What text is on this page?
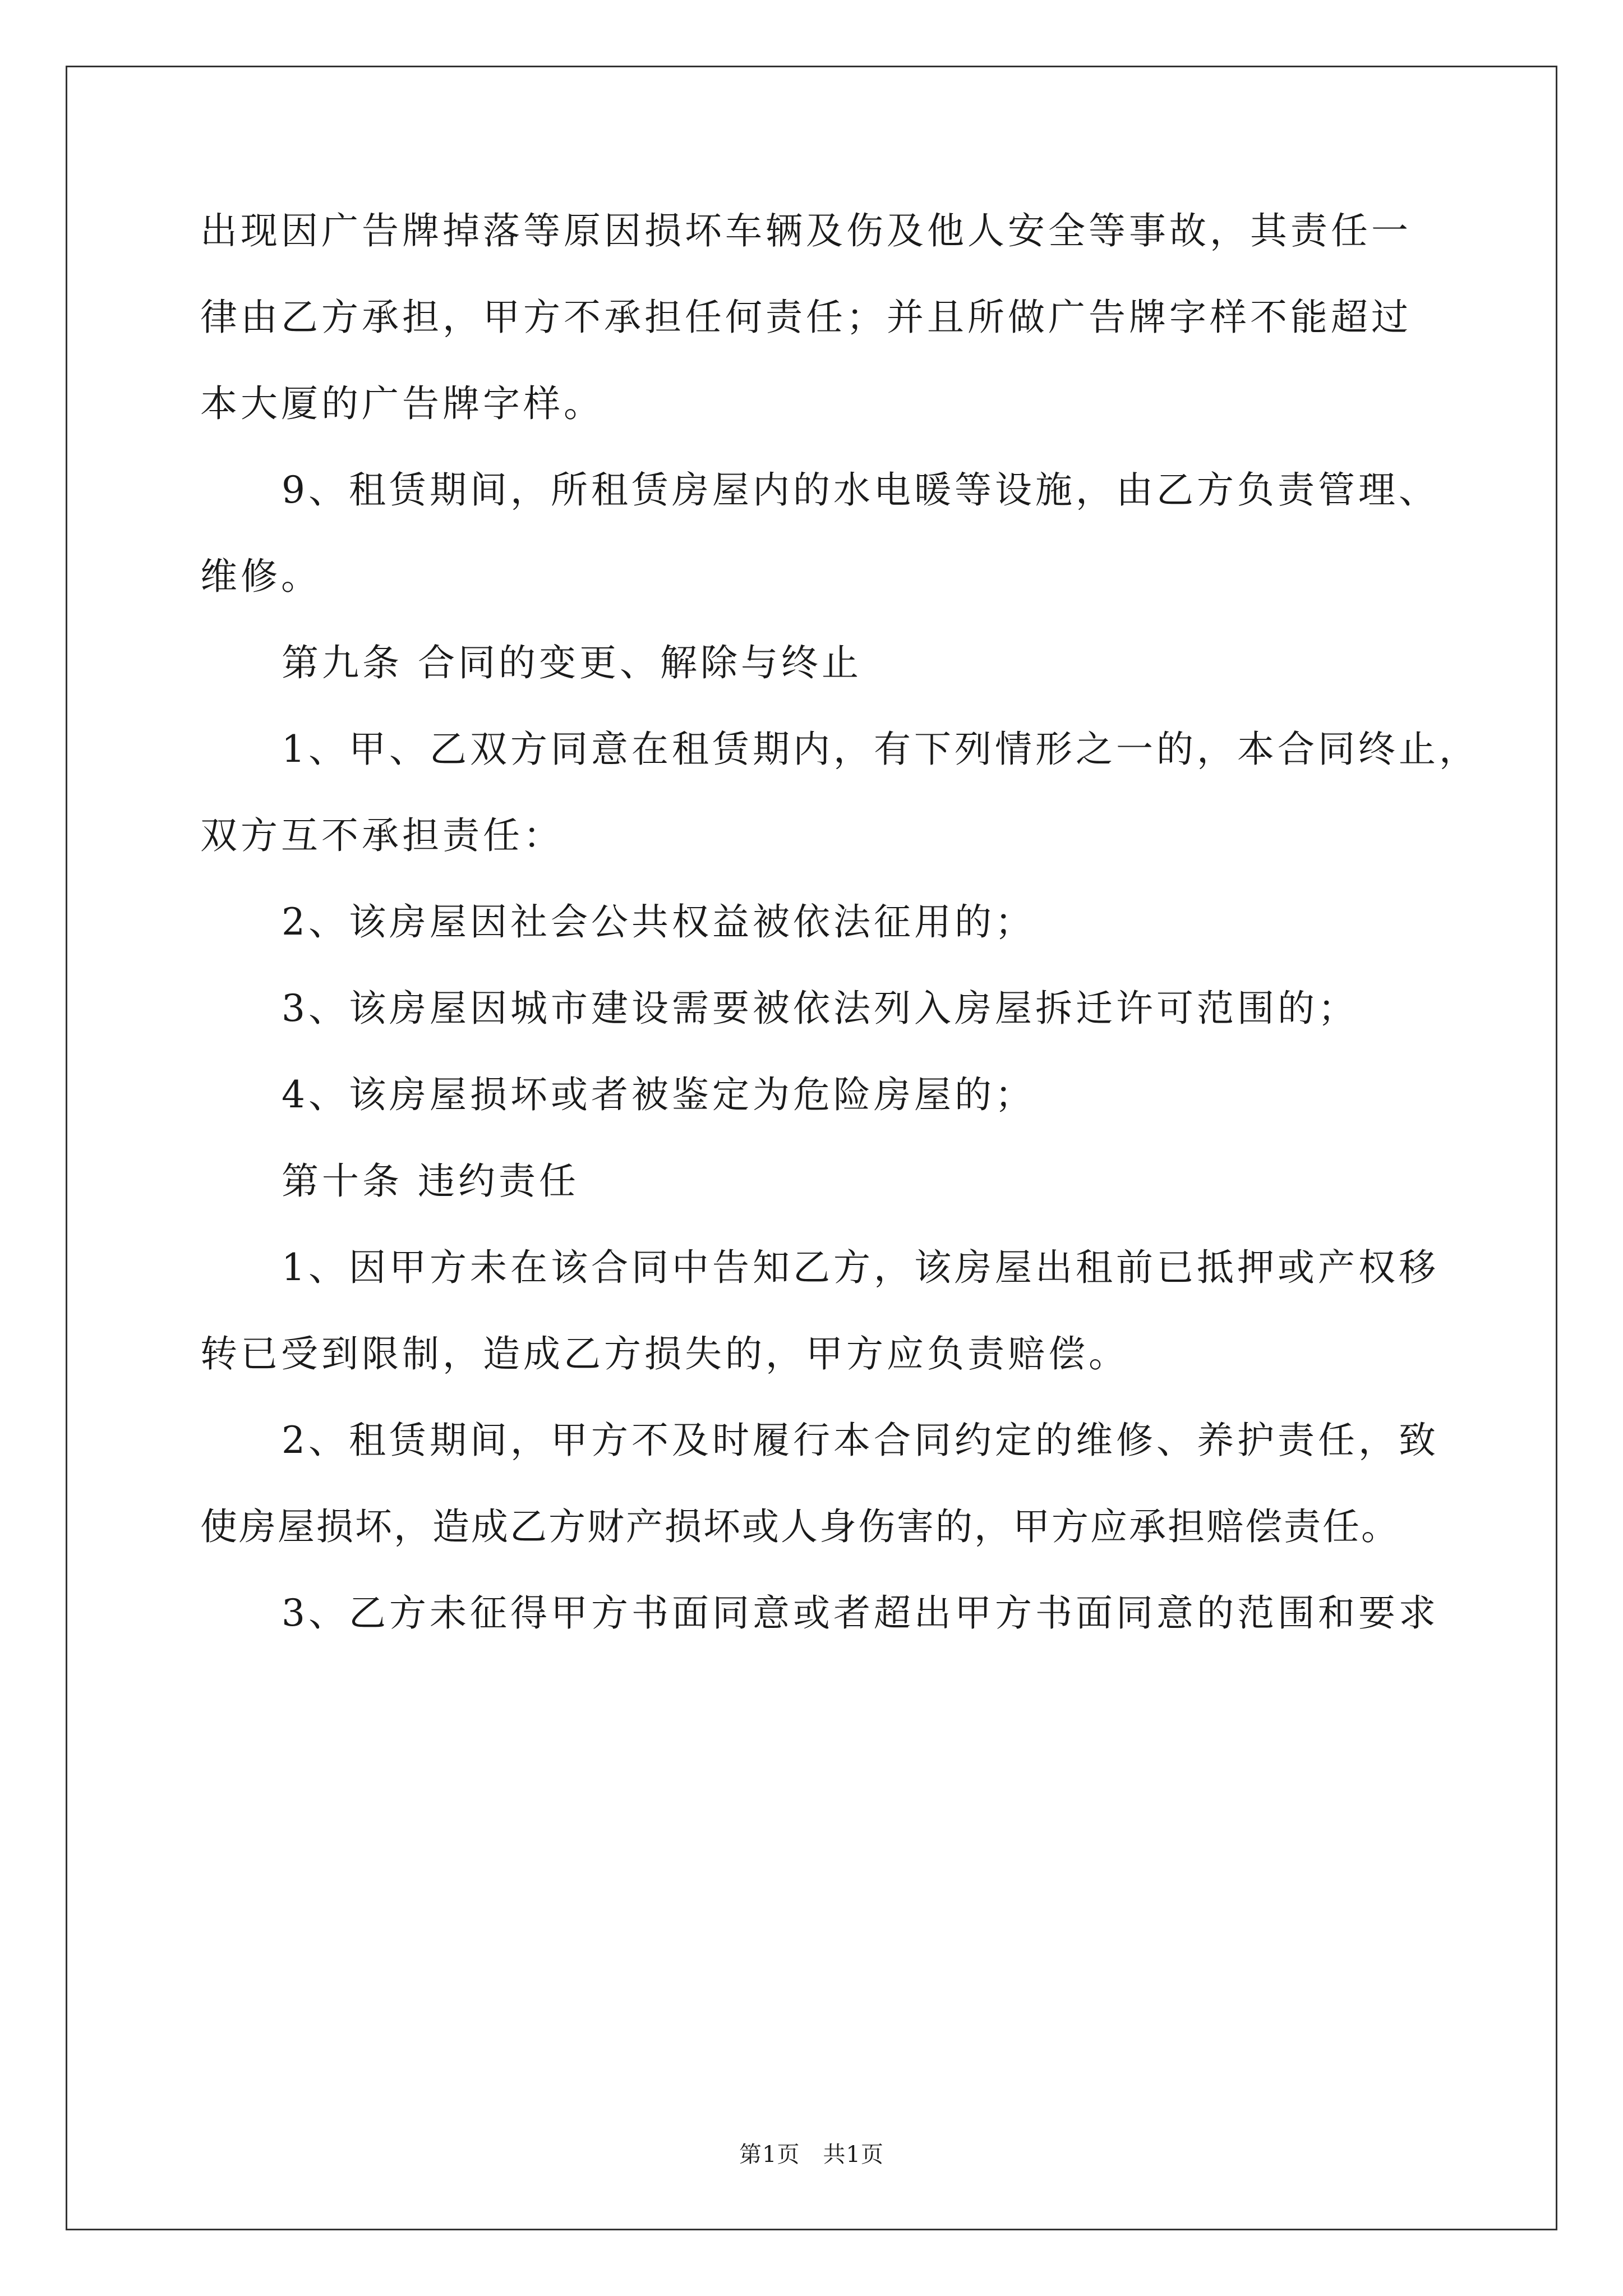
出现因广告牌掉落等原因损坏车辆及伤及他人安全等事故，其责任一
律由乙方承担，甲方不承担任何责任；并且所做广告牌字样不能超过
本大厦的广告牌字样。
9、租赁期间，所租赁房屋内的水电暖等设施，由乙方负责管理、
维修。
第九条 合同的变更、解除与终止
1、甲、乙双方同意在租赁期内，有下列情形之一的，本合同终止，
双方互不承担责任：
2、该房屋因社会公共权益被依法征用的；
3、该房屋因城市建设需要被依法列入房屋拆迁许可范围的；
4、该房屋损坏或者被鉴定为危险房屋的；
第十条 违约责任
1、因甲方未在该合同中告知乙方，该房屋出租前已抵押或产权移
转已受到限制，造成乙方损失的，甲方应负责赔偿。
2、租赁期间，甲方不及时履行本合同约定的维修、养护责任，致
使房屋损坏，造成乙方财产损坏或人身伤害的，甲方应承担赔偿责任。
3、乙方未征得甲方书面同意或者超出甲方书面同意的范围和要求
第1页　共1页
